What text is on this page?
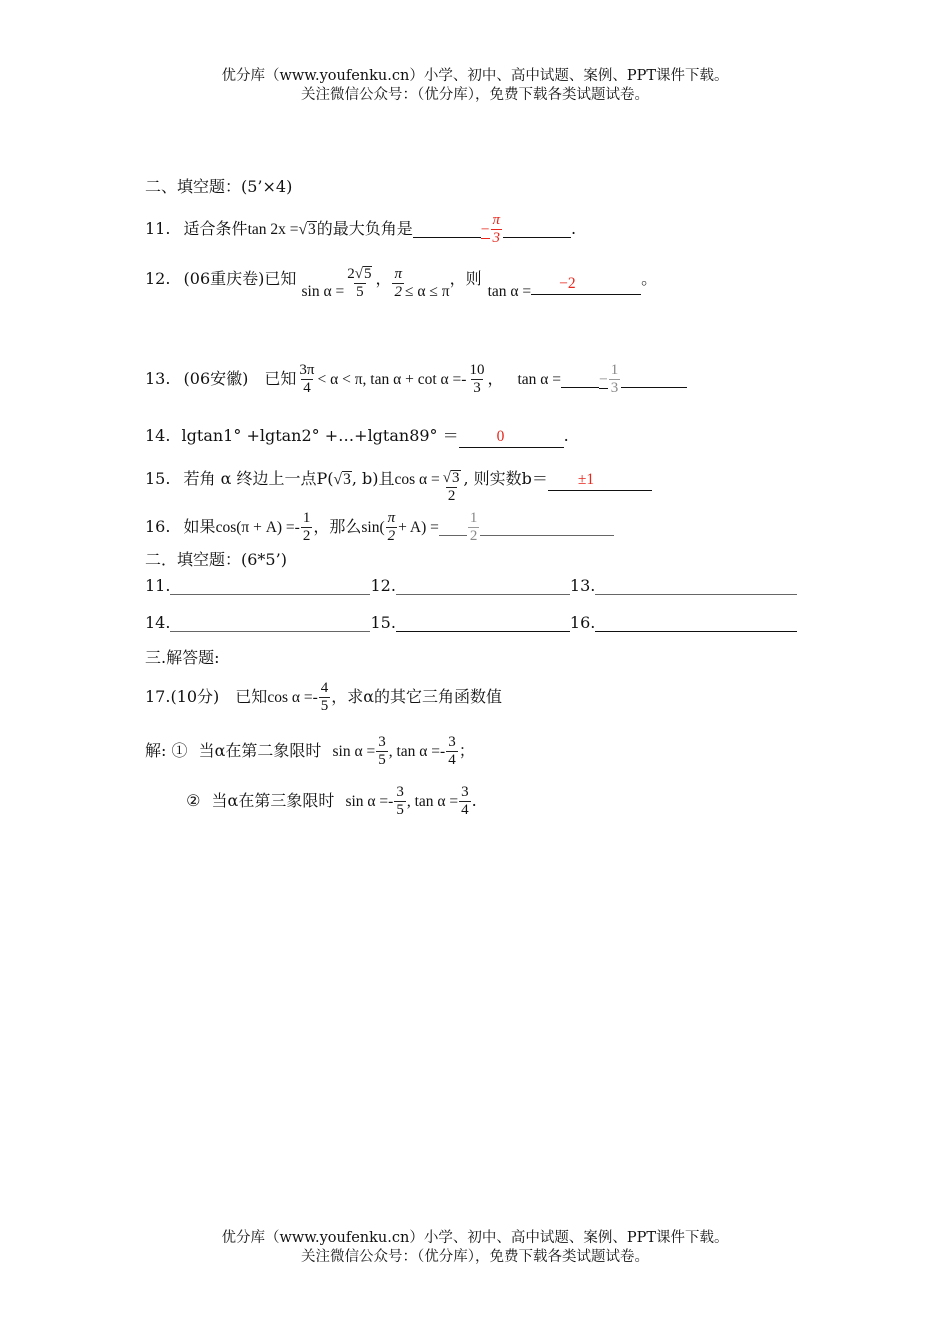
优分库（www.youfenku.cn）小学、初中、高中试题、案例、PPT课件下载。
关注微信公众号：（优分库），免费下载各类试题试卷。
二、填空题：(5’×4)
11. 适合条件tan 2x =√3的最大负角是	− $\frac{\pi}{3}$	.
12. (06重庆卷)已知 $\sin \alpha = \frac{2√5}{5}$ ， $\frac{\pi}{2} \le \alpha \le \pi$，则tan α = −2	。
13. (06安徽)　已知 $\frac{3\pi}{4} < \alpha < \pi$, $\tan \alpha + \cot \alpha =- \frac{10}{3}$ ， tan α = − $\frac{1}{3}$
14. lgtan1° +lgtan2° +…+lgtan89° ＝ 0	.
15. 若角 α 终边上一点P(√3, b)且$\cos \alpha = \frac{√3}{2}$ , 则实数b＝ ±1
16. 如果$\cos(\pi + A) =- \frac{1}{2}$ ，那么$\sin( \frac{\pi}{2} + A) = \frac{1}{2}$
二．填空题：(6*5’)
11.	12.	13.
14.	15.	16.
三.解答题:
17.(10分)　已知$\cos \alpha =- \frac{4}{5}$ ，求α的其它三角函数值
解: ① 当α在第二象限时 $\sin \alpha = \frac{3}{5}$ , $\tan \alpha =- \frac{3}{4}$ ；
② 当α在第三象限时 $\sin \alpha =- \frac{3}{5}$ , $\tan \alpha = \frac{3}{4}$ .
优分库（www.youfenku.cn）小学、初中、高中试题、案例、PPT课件下载。
关注微信公众号：（优分库），免费下载各类试题试卷。
